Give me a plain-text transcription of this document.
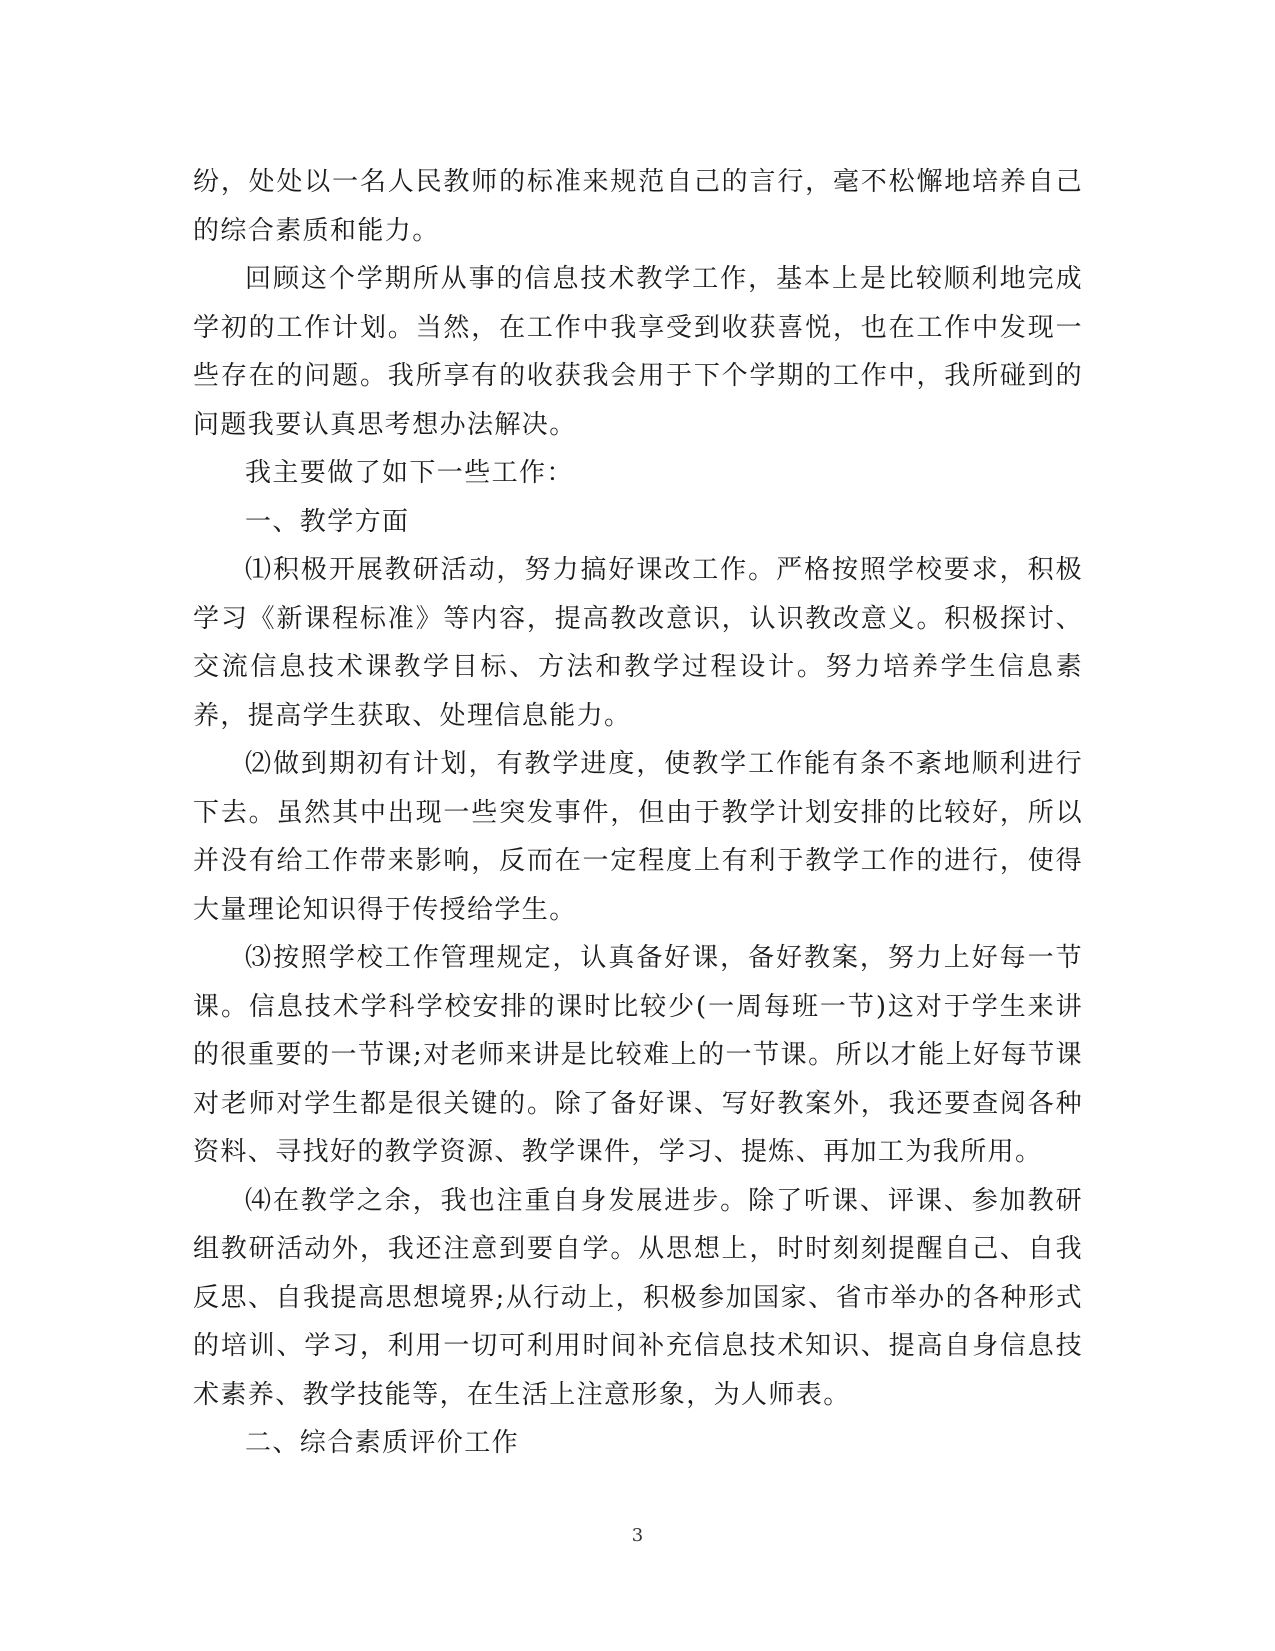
纷，处处以一名人民教师的标准来规范自己的言行，毫不松懈地培养自己的综合素质和能力。

回顾这个学期所从事的信息技术教学工作，基本上是比较顺利地完成学初的工作计划。当然，在工作中我享受到收获喜悦，也在工作中发现一些存在的问题。我所享有的收获我会用于下个学期的工作中，我所碰到的问题我要认真思考想办法解决。

我主要做了如下一些工作：

一、教学方面

⑴积极开展教研活动，努力搞好课改工作。严格按照学校要求，积极学习《新课程标准》等内容，提高教改意识，认识教改意义。积极探讨、交流信息技术课教学目标、方法和教学过程设计。努力培养学生信息素养，提高学生获取、处理信息能力。

⑵做到期初有计划，有教学进度，使教学工作能有条不紊地顺利进行下去。虽然其中出现一些突发事件，但由于教学计划安排的比较好，所以并没有给工作带来影响，反而在一定程度上有利于教学工作的进行，使得大量理论知识得于传授给学生。

⑶按照学校工作管理规定，认真备好课，备好教案，努力上好每一节课。信息技术学科学校安排的课时比较少(一周每班一节)这对于学生来讲的很重要的一节课;对老师来讲是比较难上的一节课。所以才能上好每节课对老师对学生都是很关键的。除了备好课、写好教案外，我还要查阅各种资料、寻找好的教学资源、教学课件，学习、提炼、再加工为我所用。

⑷在教学之余，我也注重自身发展进步。除了听课、评课、参加教研组教研活动外，我还注意到要自学。从思想上，时时刻刻提醒自己、自我反思、自我提高思想境界;从行动上，积极参加国家、省市举办的各种形式的培训、学习，利用一切可利用时间补充信息技术知识、提高自身信息技术素养、教学技能等，在生活上注意形象，为人师表。

二、综合素质评价工作

3
